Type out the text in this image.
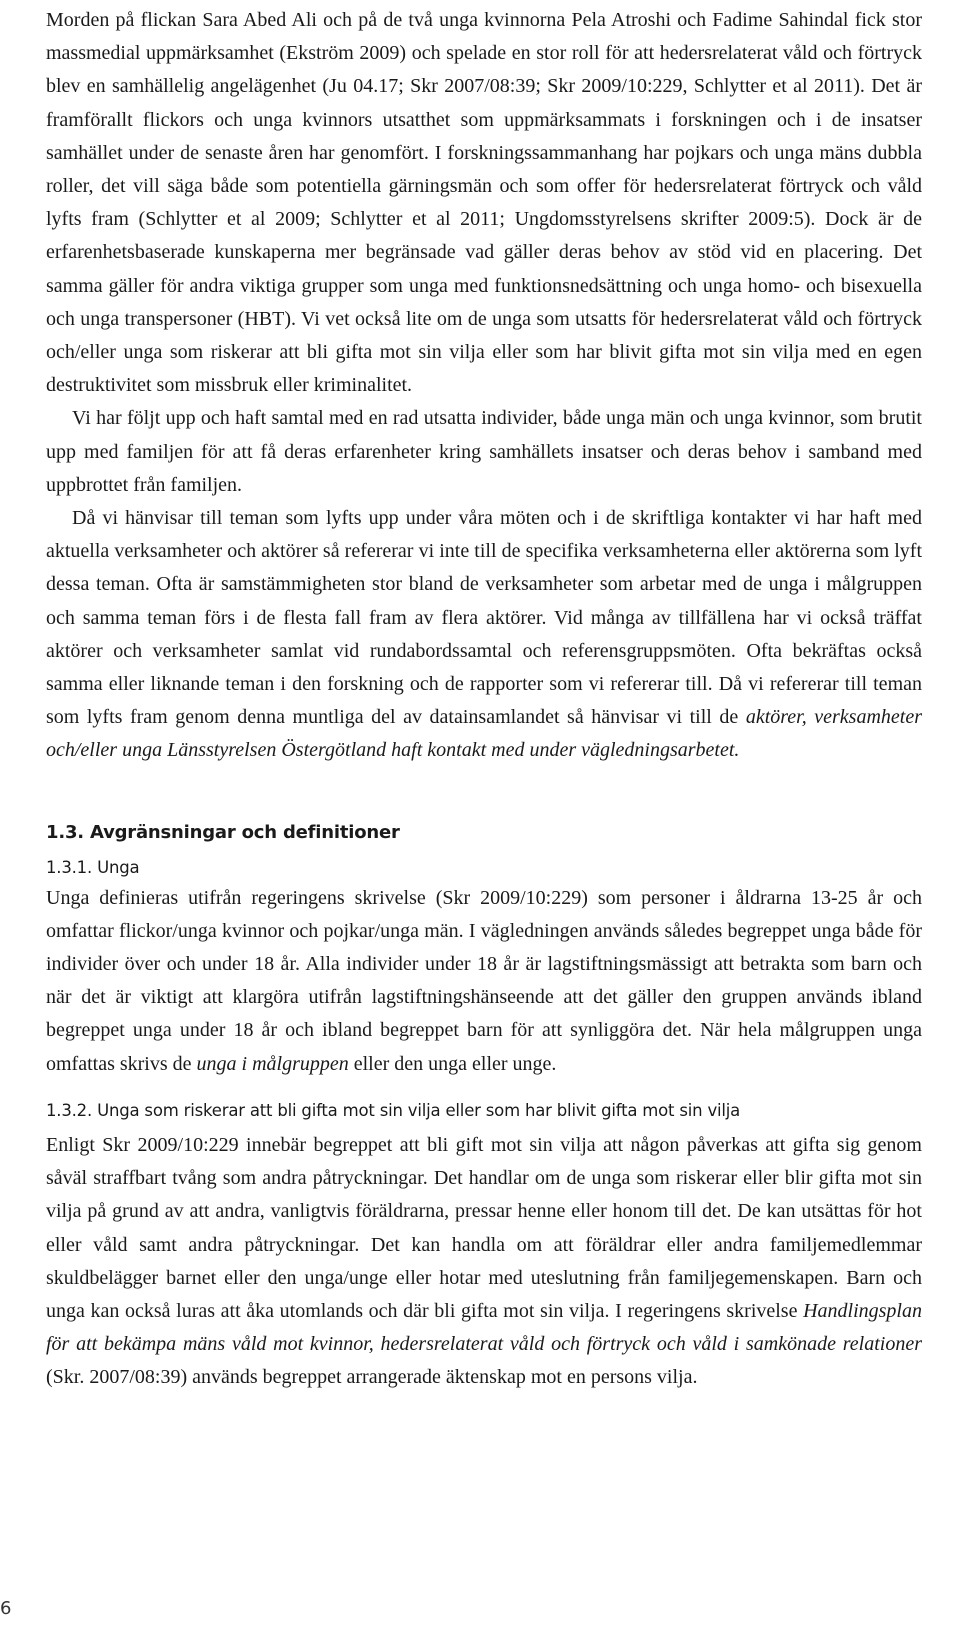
Morden på flickan Sara Abed Ali och på de två unga kvinnorna Pela Atroshi och Fadime Sahindal fick stor massmedial uppmärksamhet (Ekström 2009) och spelade en stor roll för att hedersrelaterat våld och förtryck blev en samhällelig angelägenhet (Ju 04.17; Skr 2007/08:39; Skr 2009/10:229, Schlytter et al 2011). Det är framförallt flickors och unga kvinnors utsatthet som uppmärksammats i forskningen och i de insatser samhället under de senaste åren har genomfört. I forskningssammanhang har pojkars och unga mäns dubbla roller, det vill säga både som potentiella gärningsmän och som offer för hedersrelaterat förtryck och våld lyfts fram (Schlytter et al 2009; Schlytter et al 2011; Ungdomsstyrelsens skrifter 2009:5). Dock är de erfarenhetsbaserade kunskaperna mer begränsade vad gäller deras behov av stöd vid en placering. Det samma gäller för andra viktiga grupper som unga med funktionsnedsättning och unga homo- och bisexuella och unga transpersoner (HBT). Vi vet också lite om de unga som utsatts för hedersrelaterat våld och förtryck och/eller unga som riskerar att bli gifta mot sin vilja eller som har blivit gifta mot sin vilja med en egen destruktivitet som missbruk eller kriminalitet.

Vi har följt upp och haft samtal med en rad utsatta individer, både unga män och unga kvinnor, som brutit upp med familjen för att få deras erfarenheter kring samhällets insatser och deras behov i samband med uppbrottet från familjen.

Då vi hänvisar till teman som lyfts upp under våra möten och i de skriftliga kontakter vi har haft med aktuella verksamheter och aktörer så refererar vi inte till de specifika verksamheterna eller aktörerna som lyft dessa teman. Ofta är samstämmigheten stor bland de verksamheter som arbetar med de unga i målgruppen och samma teman förs i de flesta fall fram av flera aktörer. Vid många av tillfällena har vi också träffat aktörer och verksamheter samlat vid rundabordssamtal och referensgruppsmöten. Ofta bekräftas också samma eller liknande teman i den forskning och de rapporter som vi refererar till. Då vi refererar till teman som lyfts fram genom denna muntliga del av datainsamlandet så hänvisar vi till de aktörer, verksamheter och/eller unga Länsstyrelsen Östergötland haft kontakt med under vägledningsarbetet.

1.3. Avgränsningar och definitioner
1.3.1. Unga

Unga definieras utifrån regeringens skrivelse (Skr 2009/10:229) som personer i åldrarna 13-25 år och omfattar flickor/unga kvinnor och pojkar/unga män. I vägledningen används således begreppet unga både för individer över och under 18 år. Alla individer under 18 år är lagstiftningsmässigt att betrakta som barn och när det är viktigt att klargöra utifrån lagstiftningshänseende att det gäller den gruppen används ibland begreppet unga under 18 år och ibland begreppet barn för att synliggöra det. När hela målgruppen unga omfattas skrivs de unga i målgruppen eller den unga eller unge.

1.3.2. Unga som riskerar att bli gifta mot sin vilja eller som har blivit gifta mot sin vilja

Enligt Skr 2009/10:229 innebär begreppet att bli gift mot sin vilja att någon påverkas att gifta sig genom såväl straffbart tvång som andra påtryckningar. Det handlar om de unga som riskerar eller blir gifta mot sin vilja på grund av att andra, vanligtvis föräldrarna, pressar henne eller honom till det. De kan utsättas för hot eller våld samt andra påtryckningar. Det kan handla om att föräldrar eller andra familjemedlemmar skuldbelägger barnet eller den unga/unge eller hotar med uteslutning från familjegemenskapen. Barn och unga kan också luras att åka utomlands och där bli gifta mot sin vilja. I regeringens skrivelse Handlingsplan för att bekämpa mäns våld mot kvinnor, hedersrelaterat våld och förtryck och våld i samkönade relationer (Skr. 2007/08:39) används begreppet arrangerade äktenskap mot en persons vilja.

6
